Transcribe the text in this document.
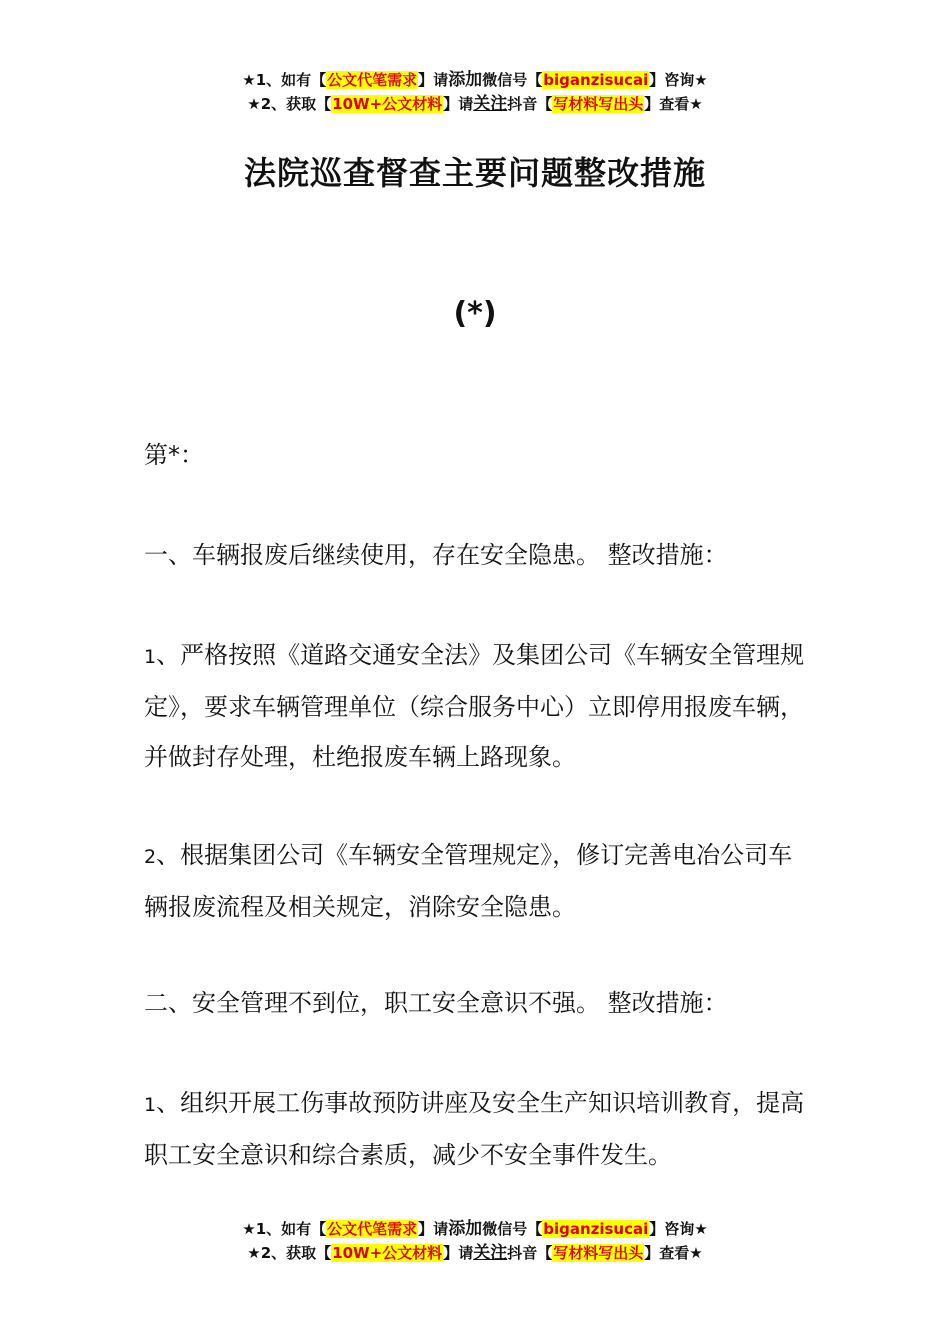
★1、如有【公文代笔需求】请添加微信号【biganzisucai】咨询★
★2、获取【10W+公文材料】请关注抖音【写材料写出头】查看★
法院巡查督查主要问题整改措施
(*)

第*：

一、车辆报废后继续使用，存在安全隐患。 整改措施：

1、严格按照《道路交通安全法》及集团公司《车辆安全管理规定》，要求车辆管理单位（综合服务中心）立即停用报废车辆，并做封存处理，杜绝报废车辆上路现象。

2、根据集团公司《车辆安全管理规定》，修订完善电冶公司车辆报废流程及相关规定，消除安全隐患。

二、安全管理不到位，职工安全意识不强。 整改措施：

1、组织开展工伤事故预防讲座及安全生产知识培训教育，提高职工安全意识和综合素质，减少不安全事件发生。

★1、如有【公文代笔需求】请添加微信号【biganzisucai】咨询★
★2、获取【10W+公文材料】请关注抖音【写材料写出头】查看★
